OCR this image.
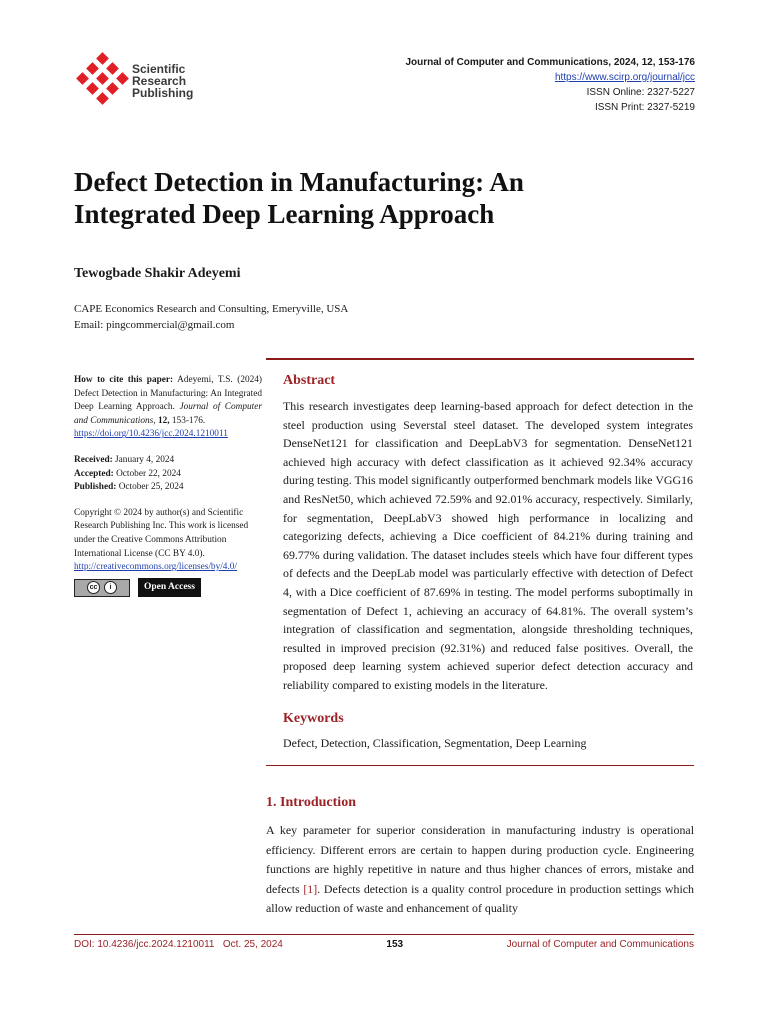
Scientific
Research
Publishing
Journal of Computer and Communications, 2024, 12, 153-176
https://www.scirp.org/journal/jcc
ISSN Online: 2327-5227
ISSN Print: 2327-5219
Defect Detection in Manufacturing: An Integrated Deep Learning Approach
Tewogbade Shakir Adeyemi
CAPE Economics Research and Consulting, Emeryville, USA
Email: pingcommercial@gmail.com

How to cite this paper: Adeyemi, T.S. (2024) Defect Detection in Manufacturing: An Integrated Deep Learning Approach. Journal of Computer and Communications, 12, 153-176.
https://doi.org/10.4236/jcc.2024.1210011

Received: January 4, 2024
Accepted: October 22, 2024
Published: October 25, 2024

Copyright © 2024 by author(s) and Scientific Research Publishing Inc. This work is licensed under the Creative Commons Attribution International License (CC BY 4.0).
http://creativecommons.org/licenses/by/4.0/

cc	i	Open Access
Abstract
This research investigates deep learning-based approach for defect detection in the steel production using Severstal steel dataset. The developed system integrates DenseNet121 for classification and DeepLabV3 for segmentation. DenseNet121 achieved high accuracy with defect classification as it achieved 92.34% accuracy during testing. This model significantly outperformed benchmark models like VGG16 and ResNet50, which achieved 72.59% and 92.01% accuracy, respectively. Similarly, for segmentation, DeepLabV3 showed high performance in localizing and categorizing defects, achieving a Dice coefficient of 84.21% during training and 69.77% during validation. The dataset includes steels which have four different types of defects and the DeepLab model was particularly effective with detection of Defect 4, with a Dice coefficient of 87.69% in testing. The model performs suboptimally in segmentation of Defect 1, achieving an accuracy of 64.81%. The overall system’s integration of classification and segmentation, alongside thresholding techniques, resulted in improved precision (92.31%) and reduced false positives. Overall, the proposed deep learning system achieved superior defect detection accuracy and reliability compared to existing models in the literature.
Keywords
Defect, Detection, Classification, Segmentation, Deep Learning
1. Introduction
A key parameter for superior consideration in manufacturing industry is operational efficiency. Different errors are certain to happen during production cycle. Engineering functions are highly repetitive in nature and thus higher chances of errors, mistake and defects [1]. Defects detection is a quality control procedure in production settings which allow reduction of waste and enhancement of quality
DOI: 10.4236/jcc.2024.1210011 Oct. 25, 2024	153	Journal of Computer and Communications
